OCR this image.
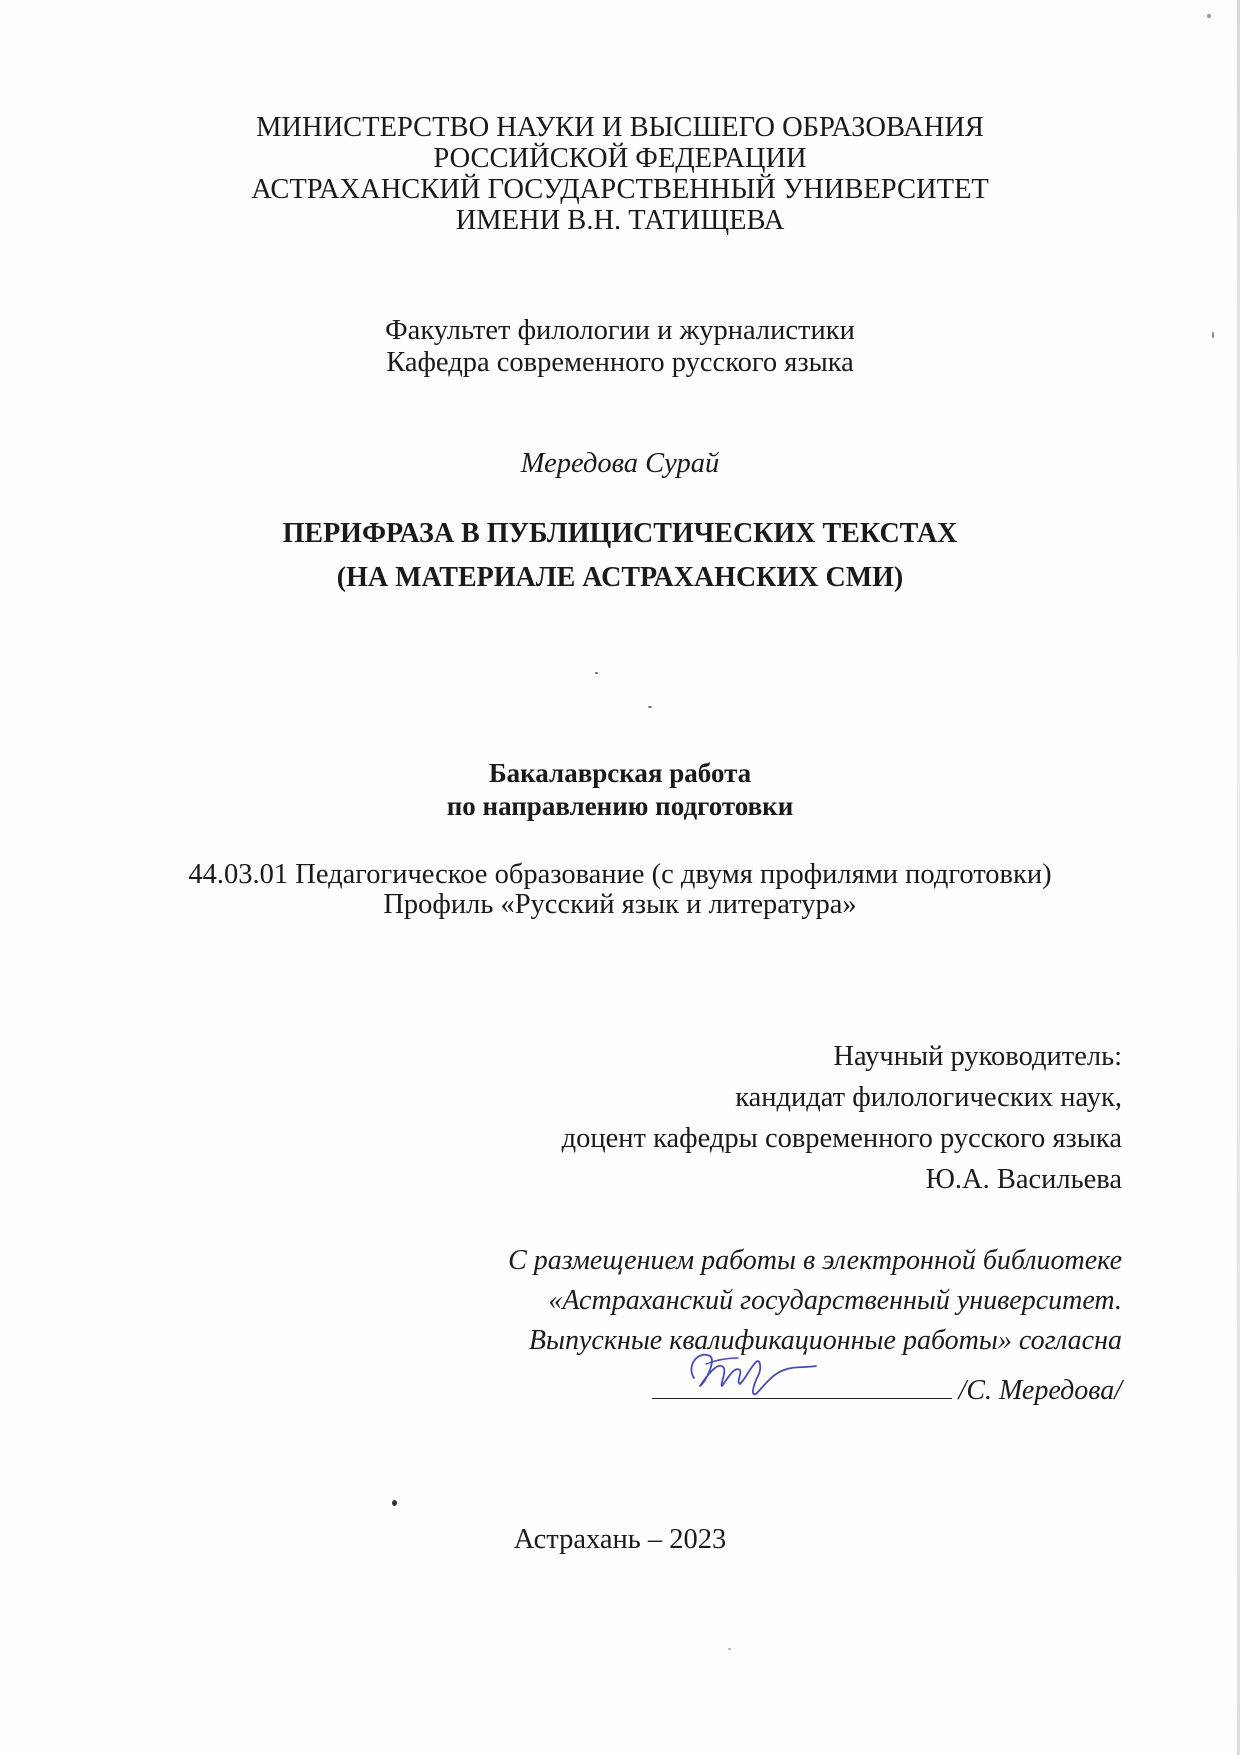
МИНИСТЕРСТВО НАУКИ И ВЫСШЕГО ОБРАЗОВАНИЯ
РОССИЙСКОЙ ФЕДЕРАЦИИ
АСТРАХАНСКИЙ ГОСУДАРСТВЕННЫЙ УНИВЕРСИТЕТ
ИМЕНИ В.Н. ТАТИЩЕВА
Факультет филологии и журналистики
Кафедра современного русского языка
Мередова Сурай
ПЕРИФРАЗА В ПУБЛИЦИСТИЧЕСКИХ ТЕКСТАХ
(НА МАТЕРИАЛЕ АСТРАХАНСКИХ СМИ)
Бакалаврская работа
по направлению подготовки
44.03.01 Педагогическое образование (с двумя профилями подготовки)
Профиль «Русский язык и литература»
Научный руководитель:
кандидат филологических наук,
доцент кафедры современного русского языка
Ю.А. Васильева
С размещением работы в электронной библиотеке
«Астраханский государственный университет.
Выпускные квалификационные работы» согласна
/С. Мередова/
Астрахань – 2023
